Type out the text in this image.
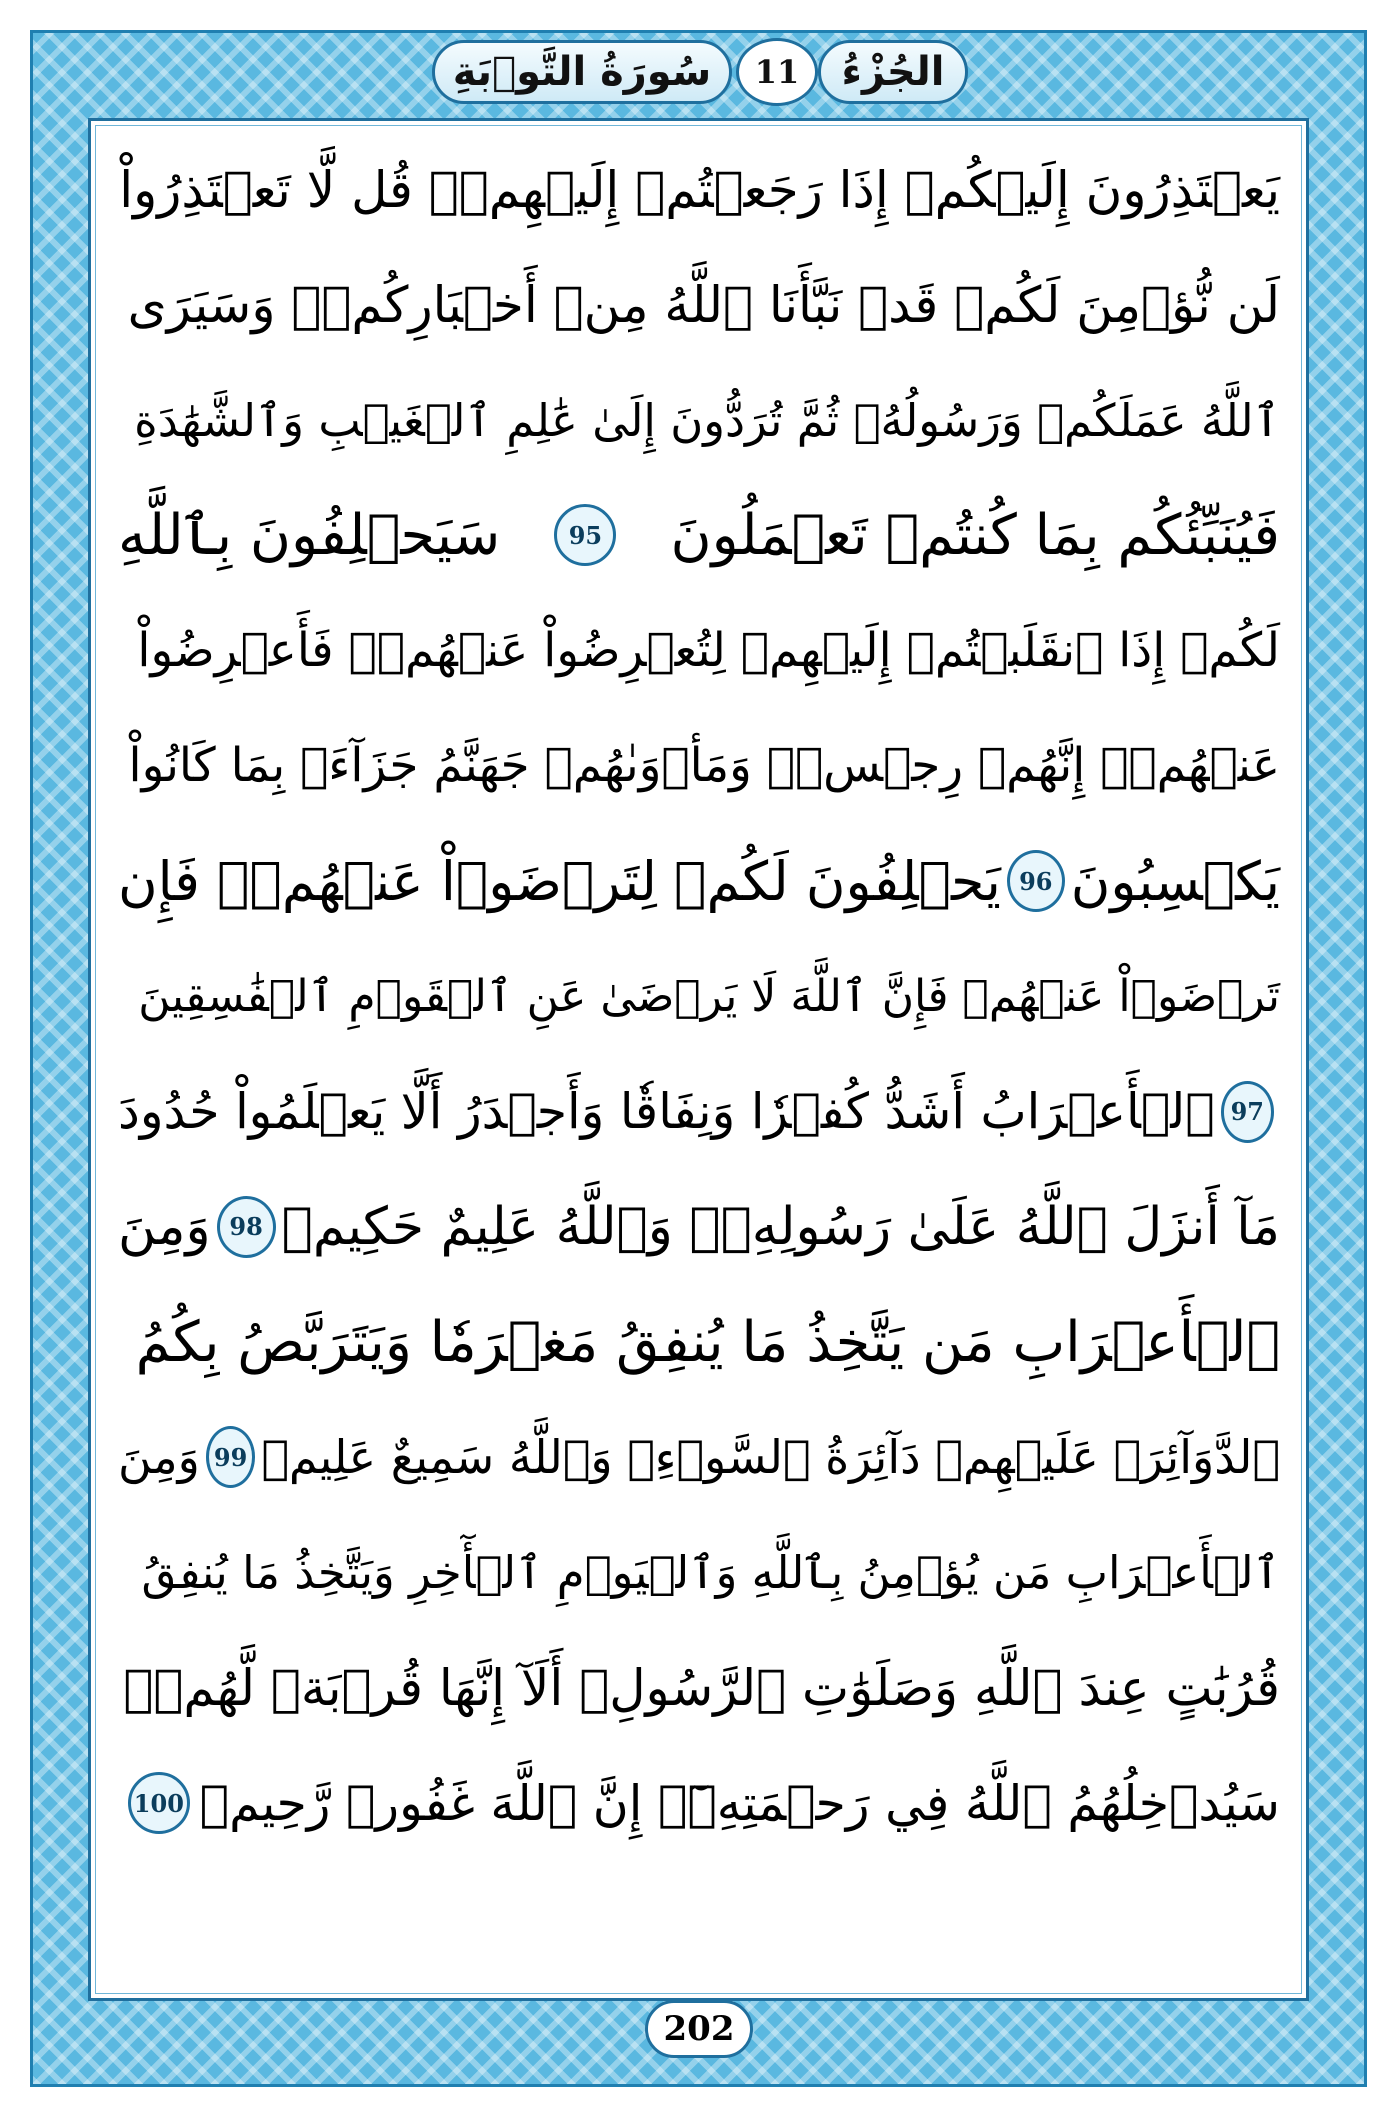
سُورَةُ التَّوۡبَةِ	11	الجُزْءُ
يَعۡتَذِرُونَ إِلَيۡكُمۡ إِذَا رَجَعۡتُمۡ إِلَيۡهِمۡۚ قُل لَّا تَعۡتَذِرُواْ
لَن نُّؤۡمِنَ لَكُمۡ قَدۡ نَبَّأَنَا ٱللَّهُ مِنۡ أَخۡبَارِكُمۡۚ وَسَيَرَى
ٱللَّهُ عَمَلَكُمۡ وَرَسُولُهُۥ ثُمَّ تُرَدُّونَ إِلَىٰ عَٰلِمِ ٱلۡغَيۡبِ وَٱلشَّهَٰدَةِ
فَيُنَبِّئُكُم بِمَا كُنتُمۡ تَعۡمَلُونَ
95
سَيَحۡلِفُونَ بِٱللَّهِ
لَكُمۡ إِذَا ٱنقَلَبۡتُمۡ إِلَيۡهِمۡ لِتُعۡرِضُواْ عَنۡهُمۡۖ فَأَعۡرِضُواْ
عَنۡهُمۡۖ إِنَّهُمۡ رِجۡسٞۖ وَمَأۡوَىٰهُمۡ جَهَنَّمُ جَزَآءَۢ بِمَا كَانُواْ
يَكۡسِبُونَ
96
يَحۡلِفُونَ لَكُمۡ لِتَرۡضَوۡاْ عَنۡهُمۡۖ فَإِن
تَرۡضَوۡاْ عَنۡهُمۡ فَإِنَّ ٱللَّهَ لَا يَرۡضَىٰ عَنِ ٱلۡقَوۡمِ ٱلۡفَٰسِقِينَ
97
ٱلۡأَعۡرَابُ أَشَدُّ كُفۡرٗا وَنِفَاقٗا وَأَجۡدَرُ أَلَّا يَعۡلَمُواْ حُدُودَ
مَآ أَنزَلَ ٱللَّهُ عَلَىٰ رَسُولِهِۦۗ وَٱللَّهُ عَلِيمٌ حَكِيمٞ
98
وَمِنَ
ٱلۡأَعۡرَابِ مَن يَتَّخِذُ مَا يُنفِقُ مَغۡرَمٗا وَيَتَرَبَّصُ بِكُمُ
ٱلدَّوَآئِرَۚ عَلَيۡهِمۡ دَآئِرَةُ ٱلسَّوۡءِۗ وَٱللَّهُ سَمِيعٌ عَلِيمٞ
99
وَمِنَ
ٱلۡأَعۡرَابِ مَن يُؤۡمِنُ بِٱللَّهِ وَٱلۡيَوۡمِ ٱلۡأٓخِرِ وَيَتَّخِذُ مَا يُنفِقُ
قُرُبَٰتٍ عِندَ ٱللَّهِ وَصَلَوَٰتِ ٱلرَّسُولِۚ أَلَآ إِنَّهَا قُرۡبَةٞ لَّهُمۡۚ
سَيُدۡخِلُهُمُ ٱللَّهُ فِي رَحۡمَتِهِۦٓۚ إِنَّ ٱللَّهَ غَفُورٞ رَّحِيمٞ
100
202
